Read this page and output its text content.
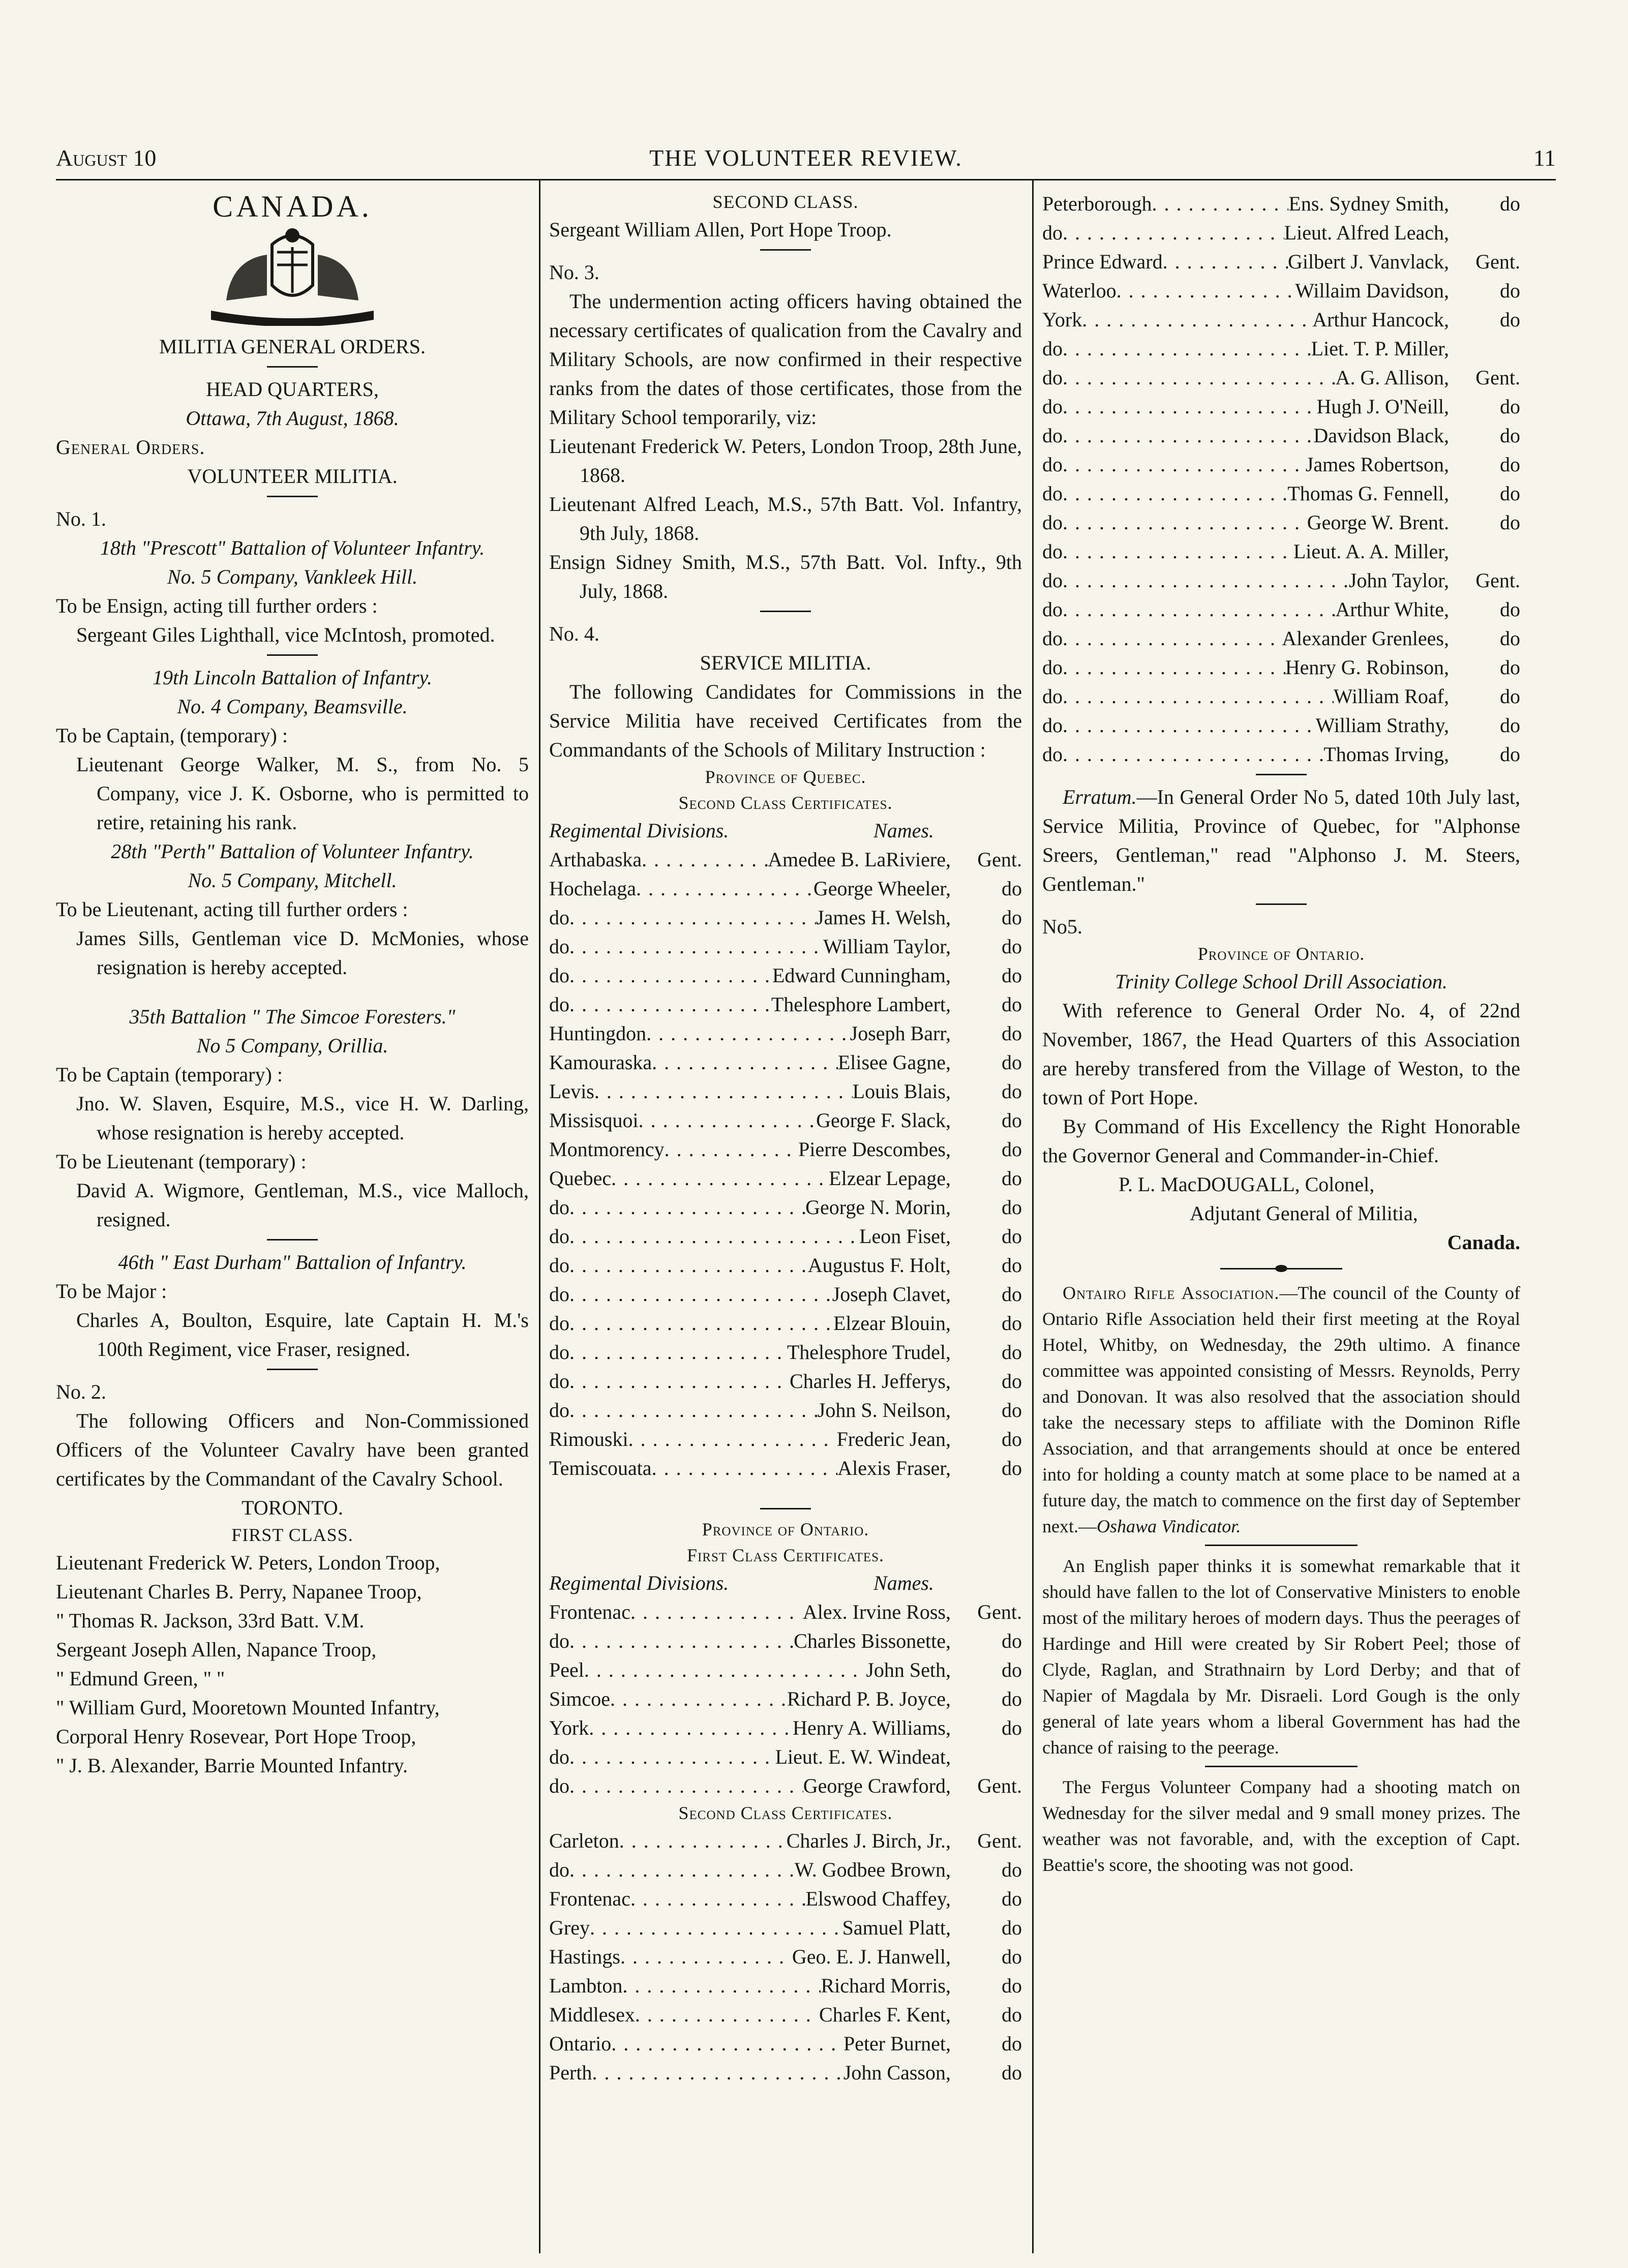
August 10	THE VOLUNTEER REVIEW.	11

CANADA.

MILITIA GENERAL ORDERS.

HEAD QUARTERS,

Ottawa, 7th August, 1868.

General Orders.

VOLUNTEER MILITIA.

No. 1.

18th "Prescott" Battalion of Volunteer Infantry.

No. 5 Company, Vankleek Hill.

To be Ensign, acting till further orders :

Sergeant Giles Lighthall, vice McIntosh, promoted.

19th Lincoln Battalion of Infantry.

No. 4 Company, Beamsville.

To be Captain, (temporary) :

Lieutenant George Walker, M. S., from No. 5 Company, vice J. K. Osborne, who is permitted to retire, retaining his rank.

28th "Perth" Battalion of Volunteer Infantry.

No. 5 Company, Mitchell.

To be Lieutenant, acting till further orders :

James Sills, Gentleman vice D. McMonies, whose resignation is hereby accepted.

35th Battalion " The Simcoe Foresters."

No 5 Company, Orillia.

To be Captain (temporary) :

Jno. W. Slaven, Esquire, M.S., vice H. W. Darling, whose resignation is hereby accepted.

To be Lieutenant (temporary) :

David A. Wigmore, Gentleman, M.S., vice Malloch, resigned.

46th " East Durham" Battalion of Infantry.

To be Major :

Charles A, Boulton, Esquire, late Captain H. M.'s 100th Regiment, vice Fraser, resigned.

No. 2.

The following Officers and Non-Commissioned Officers of the Volunteer Cavalry have been granted certificates by the Commandant of the Cavalry School.

TORONTO.

FIRST CLASS.

Lieutenant Frederick W. Peters, London Troop,

Lieutenant Charles B. Perry, Napanee Troop,

" Thomas R. Jackson, 33rd Batt. V.M.

Sergeant Joseph Allen, Napance Troop,

" Edmund Green, " "

" William Gurd, Mooretown Mounted Infantry,

Corporal Henry Rosevear, Port Hope Troop,

" J. B. Alexander, Barrie Mounted Infantry.

SECOND CLASS.

Sergeant William Allen, Port Hope Troop.

No. 3.

The undermention acting officers having obtained the necessary certificates of qualication from the Cavalry and Military Schools, are now confirmed in their respective ranks from the dates of those certificates, those from the Military School temporarily, viz:

Lieutenant Frederick W. Peters, London Troop, 28th June, 1868.

Lieutenant Alfred Leach, M.S., 57th Batt. Vol. Infantry, 9th July, 1868.

Ensign Sidney Smith, M.S., 57th Batt. Vol. Infty., 9th July, 1868.

No. 4.

SERVICE MILITIA.

The following Candidates for Commissions in the Service Militia have received Certificates from the Commandants of the Schools of Military Instruction :

Province of Quebec.

Second Class Certificates.

Regimental Divisions.	Names.
Arthabaska . . .	Amedee B. LaRiviere,	Gent.
Hochelaga . . .	George Wheeler,	do
do . . .	James H. Welsh,	do
do . . .	William Taylor,	do
do . . .	Edward Cunningham,	do
do . . .	Thelesphore Lambert,	do
Huntingdon . . .	Joseph Barr,	do
Kamouraska . . .	Elisee Gagne,	do
Levis . . .	Louis Blais,	do
Missisquoi . . .	George F. Slack,	do
Montmorency . . .	Pierre Descombes,	do
Quebec . . .	Elzear Lepage,	do
do . . .	George N. Morin,	do
do . . .	Leon Fiset,	do
do . . .	Augustus F. Holt,	do
do . . .	Joseph Clavet,	do
do . . .	Elzear Blouin,	do
do . . .	Thelesphore Trudel,	do
do . . .	Charles H. Jefferys,	do
do . . .	John S. Neilson,	do
Rimouski . . .	Frederic Jean,	do
Temiscouata . . .	Alexis Fraser,	do

Province of Ontario.

First Class Certificates.

Regimental Divisions.	Names.
Frontenac . . .	Alex. Irvine Ross,	Gent.
do . . .	Charles Bissonette,	do
Peel . . .	John Seth,	do
Simcoe . . .	Richard P. B. Joyce,	do
York . . .	Henry A. Williams,	do
do . . .	Lieut. E. W. Windeat,
do . . .	George Crawford,	Gent.

Second Class Certificates.

Carleton . . .	Charles J. Birch, Jr.,	Gent.
do . . .	W. Godbee Brown,	do
Frontenac . . .	Elswood Chaffey,	do
Grey . . .	Samuel Platt,	do
Hastings . . .	Geo. E. J. Hanwell,	do
Lambton . . .	Richard Morris,	do
Middlesex . . .	Charles F. Kent,	do
Ontario . . .	Peter Burnet,	do
Perth . . .	John Casson,	do
Peterborough . . .	Ens. Sydney Smith,	do
do . . .	Lieut. Alfred Leach,
Prince Edward . . .	Gilbert J. Vanvlack,	Gent.
Waterloo . . .	Willaim Davidson,	do
York . . .	Arthur Hancock,	do
do . . .	Liet. T. P. Miller,
do . . .	A. G. Allison,	Gent.
do . . .	Hugh J. O'Neill,	do
do . . .	Davidson Black,	do
do . . .	James Robertson,	do
do . . .	Thomas G. Fennell,	do
do . . .	George W. Brent.	do
do . . .	Lieut. A. A. Miller,
do . . .	John Taylor,	Gent.
do . . .	Arthur White,	do
do . . .	Alexander Grenlees,	do
do . . .	Henry G. Robinson,	do
do . . .	William Roaf,	do
do . . .	William Strathy,	do
do . . .	Thomas Irving,	do

Erratum.—In General Order No 5, dated 10th July last, Service Militia, Province of Quebec, for "Alphonse Sreers, Gentleman," read "Alphonso J. M. Steers, Gentleman."

No5.

Province of Ontario.

Trinity College School Drill Association.

With reference to General Order No. 4, of 22nd November, 1867, the Head Quarters of this Association are hereby transfered from the Village of Weston, to the town of Port Hope.

By Command of His Excellency the Right Honorable the Governor General and Commander-in-Chief.

P. L. MacDOUGALL, Colonel,

Adjutant General of Militia,

Canada.

Ontairo Rifle Association.—The council of the County of Ontario Rifle Association held their first meeting at the Royal Hotel, Whitby, on Wednesday, the 29th ultimo. A finance committee was appointed consisting of Messrs. Reynolds, Perry and Donovan. It was also resolved that the association should take the necessary steps to affiliate with the Dominon Rifle Association, and that arrangements should at once be entered into for holding a county match at some place to be named at a future day, the match to commence on the first day of September next.—Oshawa Vindicator.

An English paper thinks it is somewhat remarkable that it should have fallen to the lot of Conservative Ministers to enoble most of the military heroes of modern days. Thus the peerages of Hardinge and Hill were created by Sir Robert Peel; those of Clyde, Raglan, and Strathnairn by Lord Derby; and that of Napier of Magdala by Mr. Disraeli. Lord Gough is the only general of late years whom a liberal Government has had the chance of raising to the peerage.

The Fergus Volunteer Company had a shooting match on Wednesday for the silver medal and 9 small money prizes. The weather was not favorable, and, with the exception of Capt. Beattie's score, the shooting was not good.
